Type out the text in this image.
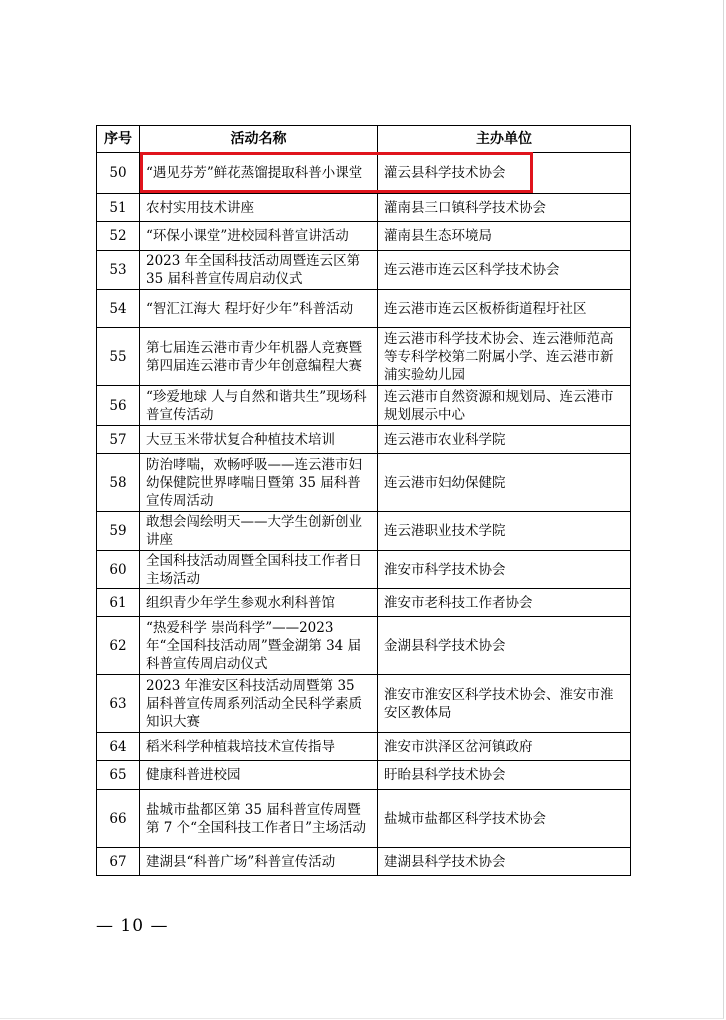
序号	活动名称	主办单位
50	“遇见芬芳”鲜花蒸馏提取科普小课堂	灌云县科学技术协会
51	农村实用技术讲座	灌南县三口镇科学技术协会
52	“环保小课堂”进校园科普宣讲活动	灌南县生态环境局
53	2023 年全国科技活动周暨连云区第 35 届科普宣传周启动仪式	连云港市连云区科学技术协会
54	“智汇江海大 程圩好少年”科普活动	连云港市连云区板桥街道程圩社区
55	第七届连云港市青少年机器人竞赛暨第四届连云港市青少年创意编程大赛	连云港市科学技术协会、连云港师范高等专科学校第二附属小学、连云港市新浦实验幼儿园
56	“珍爱地球 人与自然和谐共生”现场科普宣传活动	连云港市自然资源和规划局、连云港市规划展示中心
57	大豆玉米带状复合种植技术培训	连云港市农业科学院
58	防治哮喘，欢畅呼吸——连云港市妇幼保健院世界哮喘日暨第 35 届科普宣传周活动	连云港市妇幼保健院
59	敢想会闯绘明天——大学生创新创业讲座	连云港职业技术学院
60	全国科技活动周暨全国科技工作者日主场活动	淮安市科学技术协会
61	组织青少年学生参观水利科普馆	淮安市老科技工作者协会
62	“热爱科学 崇尚科学”——2023 年“全国科技活动周”暨金湖第 34 届科普宣传周启动仪式	金湖县科学技术协会
63	2023 年淮安区科技活动周暨第 35 届科普宣传周系列活动全民科学素质知识大赛	淮安市淮安区科学技术协会、淮安市淮安区教体局
64	稻米科学种植栽培技术宣传指导	淮安市洪泽区岔河镇政府
65	健康科普进校园	盱眙县科学技术协会
66	盐城市盐都区第 35 届科普宣传周暨第 7 个“全国科技工作者日”主场活动	盐城市盐都区科学技术协会
67	建湖县“科普广场”科普宣传活动	建湖县科学技术协会
— 10 —
